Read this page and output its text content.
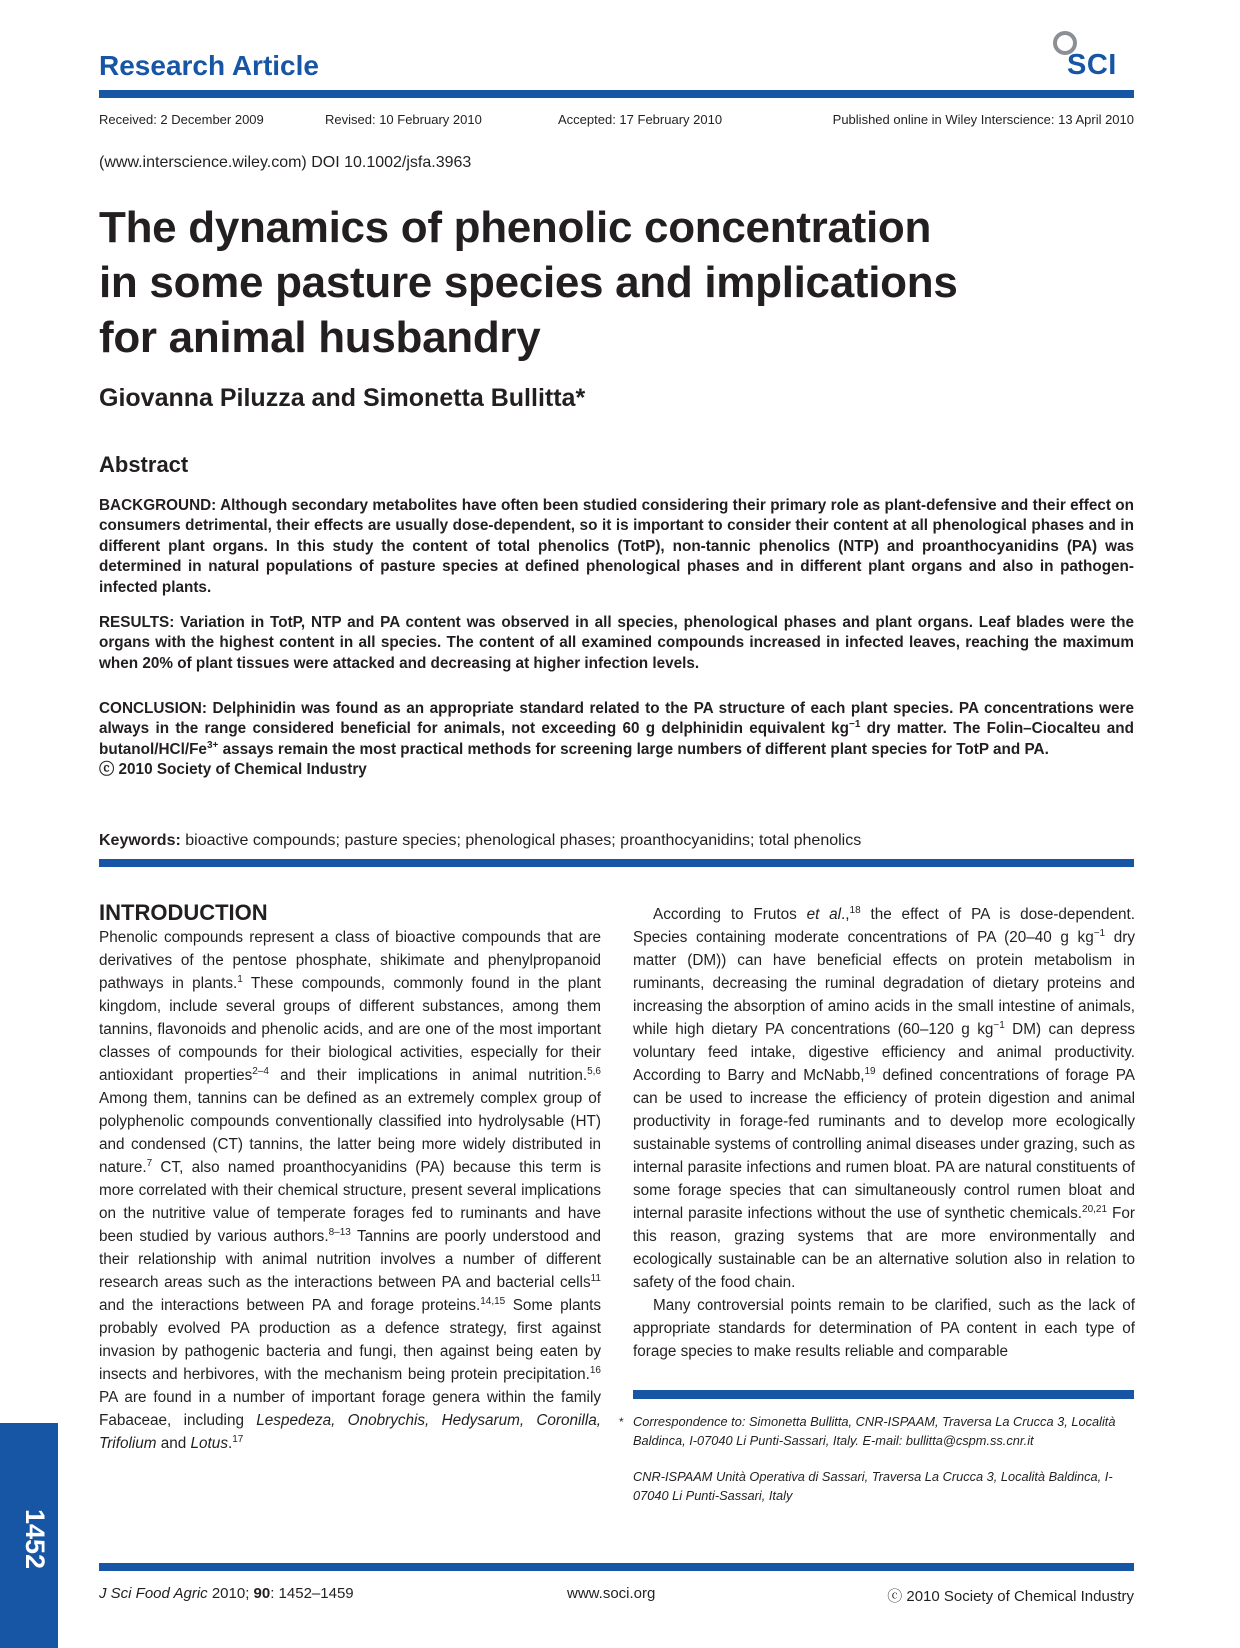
Research Article	SCI
Received: 2 December 2009	Revised: 10 February 2010	Accepted: 17 February 2010	Published online in Wiley Interscience: 13 April 2010
(www.interscience.wiley.com) DOI 10.1002/jsfa.3963
The dynamics of phenolic concentration
in some pasture species and implications
for animal husbandry
Giovanna Piluzza and Simonetta Bullitta*
Abstract
BACKGROUND: Although secondary metabolites have often been studied considering their primary role as plant-defensive and their effect on consumers detrimental, their effects are usually dose-dependent, so it is important to consider their content at all phenological phases and in different plant organs. In this study the content of total phenolics (TotP), non-tannic phenolics (NTP) and proanthocyanidins (PA) was determined in natural populations of pasture species at defined phenological phases and in different plant organs and also in pathogen-infected plants.
RESULTS: Variation in TotP, NTP and PA content was observed in all species, phenological phases and plant organs. Leaf blades were the organs with the highest content in all species. The content of all examined compounds increased in infected leaves, reaching the maximum when 20% of plant tissues were attacked and decreasing at higher infection levels.
CONCLUSION: Delphinidin was found as an appropriate standard related to the PA structure of each plant species. PA concentrations were always in the range considered beneficial for animals, not exceeding 60 g delphinidin equivalent $kg^{-1}$ dry matter. The Folin–Ciocalteu and butanol/$HCl/Fe^{3+}$ assays remain the most practical methods for screening large numbers of different plant species for TotP and PA.
ⓒ 2010 Society of Chemical Industry
Keywords: bioactive compounds; pasture species; phenological phases; proanthocyanidins; total phenolics
INTRODUCTION

Phenolic compounds represent a class of bioactive compounds that are derivatives of the pentose phosphate, shikimate and phenylpropanoid pathways in plants.$^1$ These compounds, commonly found in the plant kingdom, include several groups of different substances, among them tannins, flavonoids and phenolic acids, and are one of the most important classes of compounds for their biological activities, especially for their antioxidant properties$^{2-4}$ and their implications in animal nutrition.$^{5,6}$ Among them, tannins can be defined as an extremely complex group of polyphenolic compounds conventionally classified into hydrolysable (HT) and condensed (CT) tannins, the latter being more widely distributed in nature.$^7$ CT, also named proanthocyanidins (PA) because this term is more correlated with their chemical structure, present several implications on the nutritive value of temperate forages fed to ruminants and have been studied by various authors.$^{8-13}$ Tannins are poorly understood and their relationship with animal nutrition involves a number of different research areas such as the interactions between PA and bacterial cells$^{11}$ and the interactions between PA and forage proteins.$^{14,15}$ Some plants probably evolved PA production as a defence strategy, first against invasion by pathogenic bacteria and fungi, then against being eaten by insects and herbivores, with the mechanism being protein precipitation.$^{16}$ PA are found in a number of important forage genera within the family Fabaceae, including Lespedeza, Onobrychis, Hedysarum, Coronilla, Trifolium and Lotus.$^{17}$

According to Frutos et al.,$^{18}$ the effect of PA is dose-dependent. Species containing moderate concentrations of PA (20–40 g $kg^{-1}$ dry matter (DM)) can have beneficial effects on protein metabolism in ruminants, decreasing the ruminal degradation of dietary proteins and increasing the absorption of amino acids in the small intestine of animals, while high dietary PA concentrations (60–120 g $kg^{-1}$ DM) can depress voluntary feed intake, digestive efficiency and animal productivity. According to Barry and McNabb,$^{19}$ defined concentrations of forage PA can be used to increase the efficiency of protein digestion and animal productivity in forage-fed ruminants and to develop more ecologically sustainable systems of controlling animal diseases under grazing, such as internal parasite infections and rumen bloat. PA are natural constituents of some forage species that can simultaneously control rumen bloat and internal parasite infections without the use of synthetic chemicals.$^{20,21}$ For this reason, grazing systems that are more environmentally and ecologically sustainable can be an alternative solution also in relation to safety of the food chain.

Many controversial points remain to be clarified, such as the lack of appropriate standards for determination of PA content in each type of forage species to make results reliable and comparable

* Correspondence to: Simonetta Bullitta, CNR-ISPAAM, Traversa La Crucca 3, Località Baldinca, I-07040 Li Punti-Sassari, Italy. E-mail: bullitta@cspm.ss.cnr.it
CNR-ISPAAM Unità Operativa di Sassari, Traversa La Crucca 3, Località Baldinca, I-07040 Li Punti-Sassari, Italy
1452
J Sci Food Agric 2010; 90: 1452–1459	www.soci.org	ⓒ 2010 Society of Chemical Industry
